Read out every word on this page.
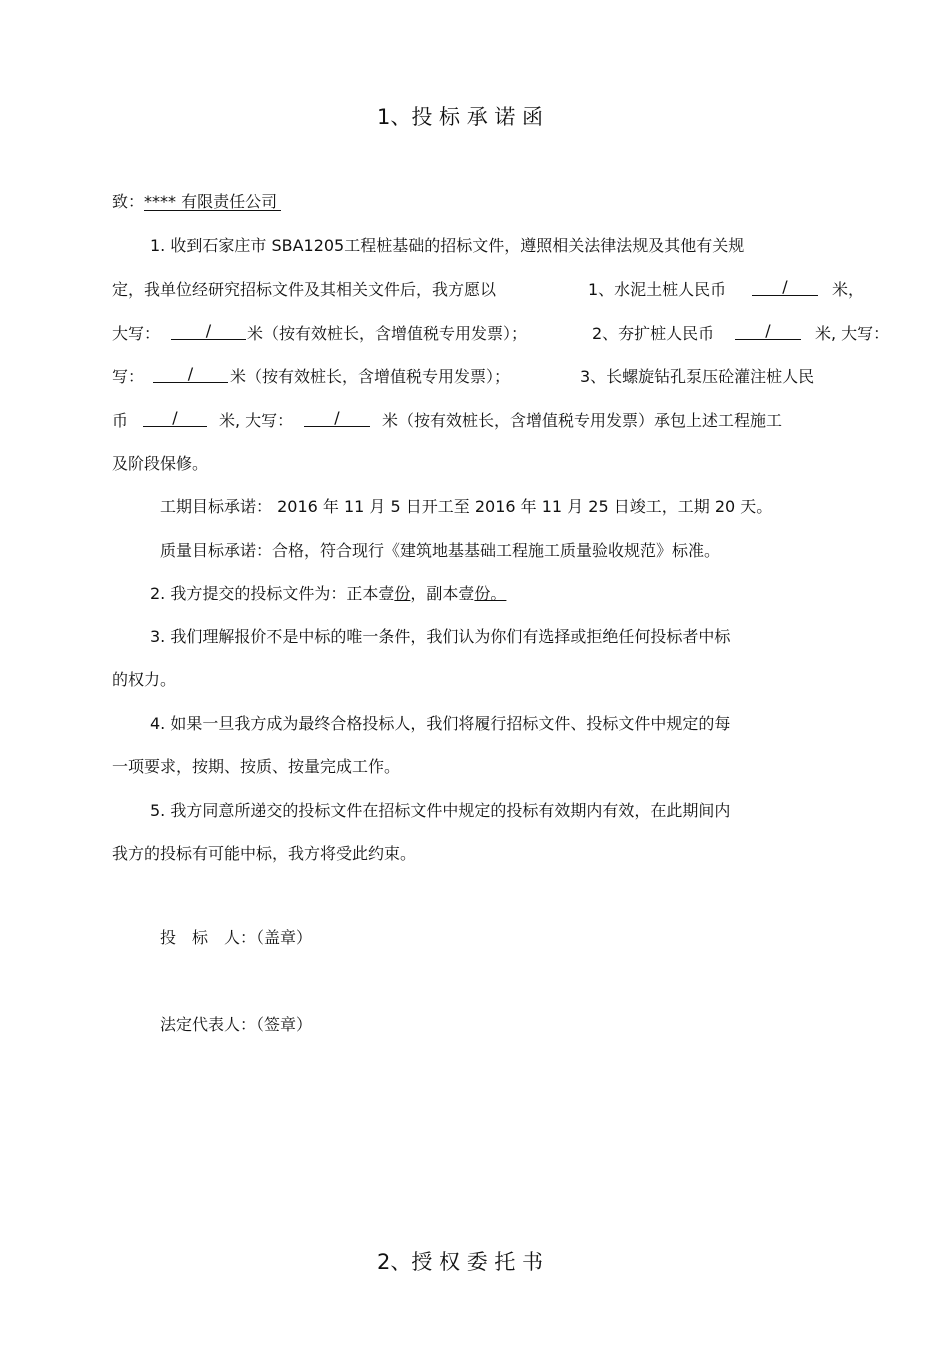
1、投 标 承 诺 函
致：**** 有限责任公司
1. 收到石家庄市 SBA1205工程桩基础的招标文件，遵照相关法律法规及其他有关规
定，我单位经研究招标文件及其相关文件后，我方愿以	1、水泥土桩人民币	/	米，
大写：	/	米（按有效桩长，含增值税专用发票）；	2、夯扩桩人民币	/	米, 大写：
写：	/	米（按有效桩长，含增值税专用发票）；	3、长螺旋钻孔泵压砼灌注桩人民
币	/	米, 大写：	/	米（按有效桩长，含增值税专用发票）承包上述工程施工
及阶段保修。
工期目标承诺： 2016 年 11 月 5 日开工至 2016 年 11 月 25 日竣工，工期 20 天。
质量目标承诺：合格，符合现行《建筑地基基础工程施工质量验收规范》标准。
2. 我方提交的投标文件为：正本壹份，副本壹份。
3. 我们理解报价不是中标的唯一条件，我们认为你们有选择或拒绝任何投标者中标
的权力。
4. 如果一旦我方成为最终合格投标人，我们将履行招标文件、投标文件中规定的每
一项要求，按期、按质、按量完成工作。
5. 我方同意所递交的投标文件在招标文件中规定的投标有效期内有效，在此期间内
我方的投标有可能中标，我方将受此约束。
投　标　人：（盖章）
法定代表人：（签章）
2、授 权 委 托 书
